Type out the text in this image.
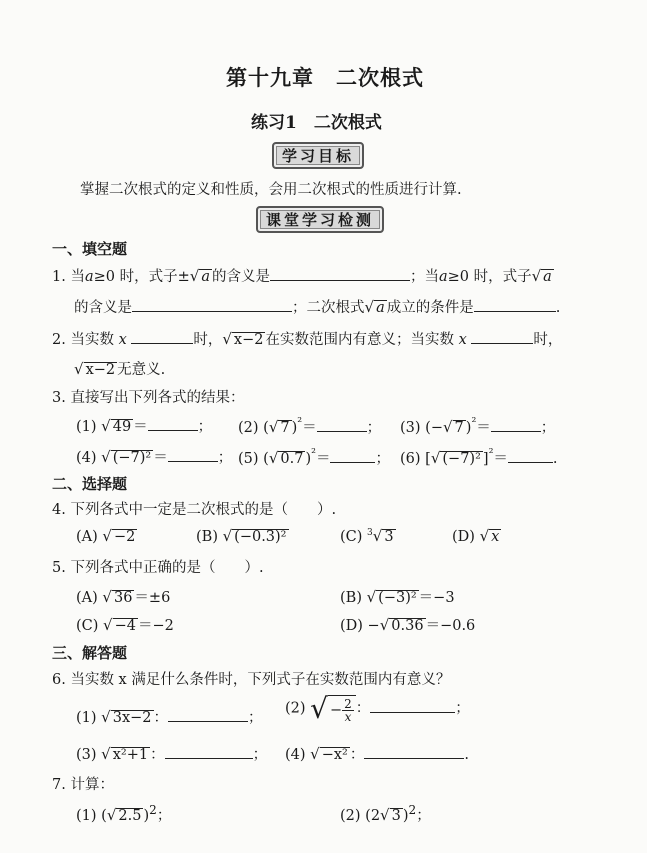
第十九章　二次根式
练习1　二次根式
学习目标
掌握二次根式的定义和性质，会用二次根式的性质进行计算.
课堂学习检测
一、填空题
1. 当a≥0 时，式子±√ a 的含义是	；当a≥0 时，式子√ a
的含义是	；二次根式√ a 成立的条件是	.
2. 当实数 x	时，√ x−2 在实数范围内有意义；当实数 x	时，
√ x−2 无意义.
3. 直接写出下列各式的结果：
(1) √ 49 ＝	； (2) (√ 7 )$^{^2}$＝	； (3) (−√ 7 )$^{^2}$＝	；
(4) √ (−7)² ＝	； (5) (√ 0.7 )$^{^2}$＝	； (6) [√ (−7)² ]$^{^2}$＝	.
二、选择题
4. 下列各式中一定是二次根式的是（　　）.
(A) √ −2	(B) √ (−0.3)²	(C) $^3$√ 3	(D) √ x
5. 下列各式中正确的是（　　）.
(A) √ 36 ＝±6	(B) √ (−3)² ＝−3
(C) √ −4 ＝−2	(D) −√ 0.36 ＝−0.6
三、解答题
6. 当实数 x 满足什么条件时，下列式子在实数范围内有意义？
(1) √ 3x−2 ：	；
(2) √ − $\frac{2}{x}$ ：	；
(3) √ x²+1 ：	； (4) √ −x² ：	.
7. 计算：
(1) (√ 2.5 )$^2$；	(2) (2√ 3 )$^2$；
